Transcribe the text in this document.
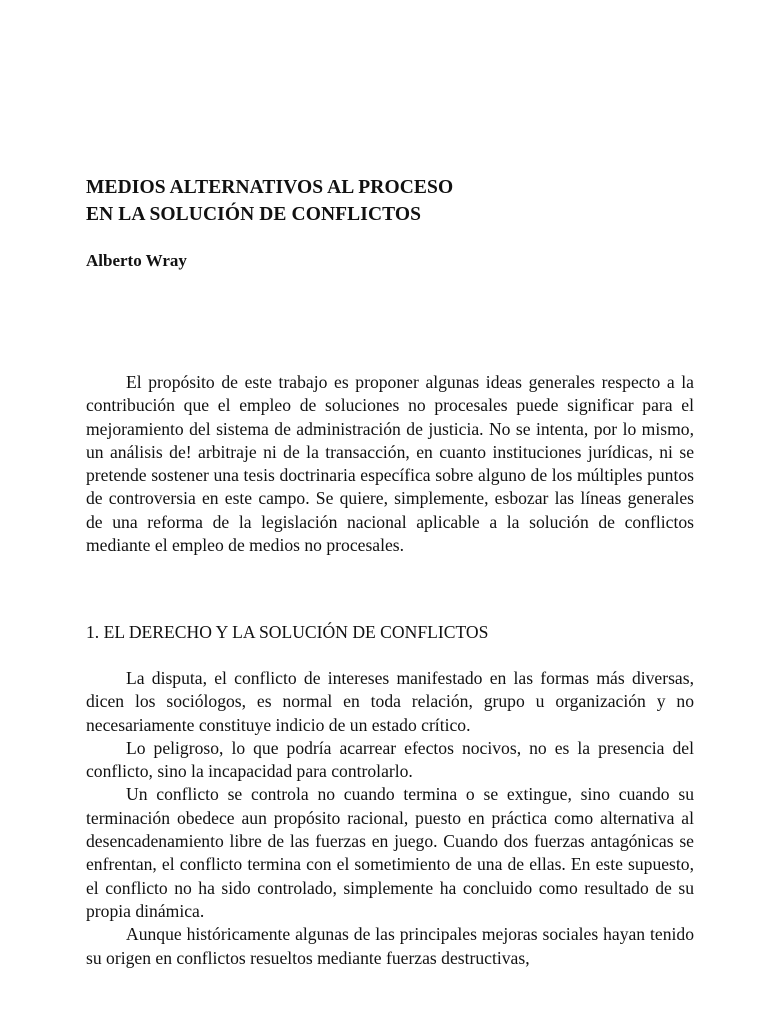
MEDIOS ALTERNATIVOS AL PROCESO
EN LA SOLUCIÓN DE CONFLICTOS

Alberto Wray

El propósito de este trabajo es proponer algunas ideas generales respecto a la contribución que el empleo de soluciones no procesales puede significar para el mejoramiento del sistema de administración de justicia. No se intenta, por lo mismo, un análisis de! arbitraje ni de la transacción, en cuanto instituciones jurídicas, ni se pretende sostener una tesis doctrinaria específica sobre alguno de los múltiples puntos de controversia en este campo. Se quiere, simplemente, esbozar las líneas generales de una reforma de la legislación nacional aplicable a la solución de conflictos mediante el empleo de medios no procesales.

1. EL DERECHO Y LA SOLUCIÓN DE CONFLICTOS

La disputa, el conflicto de intereses manifestado en las formas más diversas, dicen los sociólogos, es normal en toda relación, grupo u organización y no necesariamente constituye indicio de un estado crítico.

Lo peligroso, lo que podría acarrear efectos nocivos, no es la presencia del conflicto, sino la incapacidad para controlarlo.

Un conflicto se controla no cuando termina o se extingue, sino cuando su terminación obedece aun propósito racional, puesto en práctica como alternativa al desencadenamiento libre de las fuerzas en juego. Cuando dos fuerzas antagónicas se enfrentan, el conflicto termina con el sometimiento de una de ellas. En este supuesto, el conflicto no ha sido controlado, simplemente ha concluido como resultado de su propia dinámica.

Aunque históricamente algunas de las principales mejoras sociales hayan tenido su origen en conflictos resueltos mediante fuerzas destructivas,
